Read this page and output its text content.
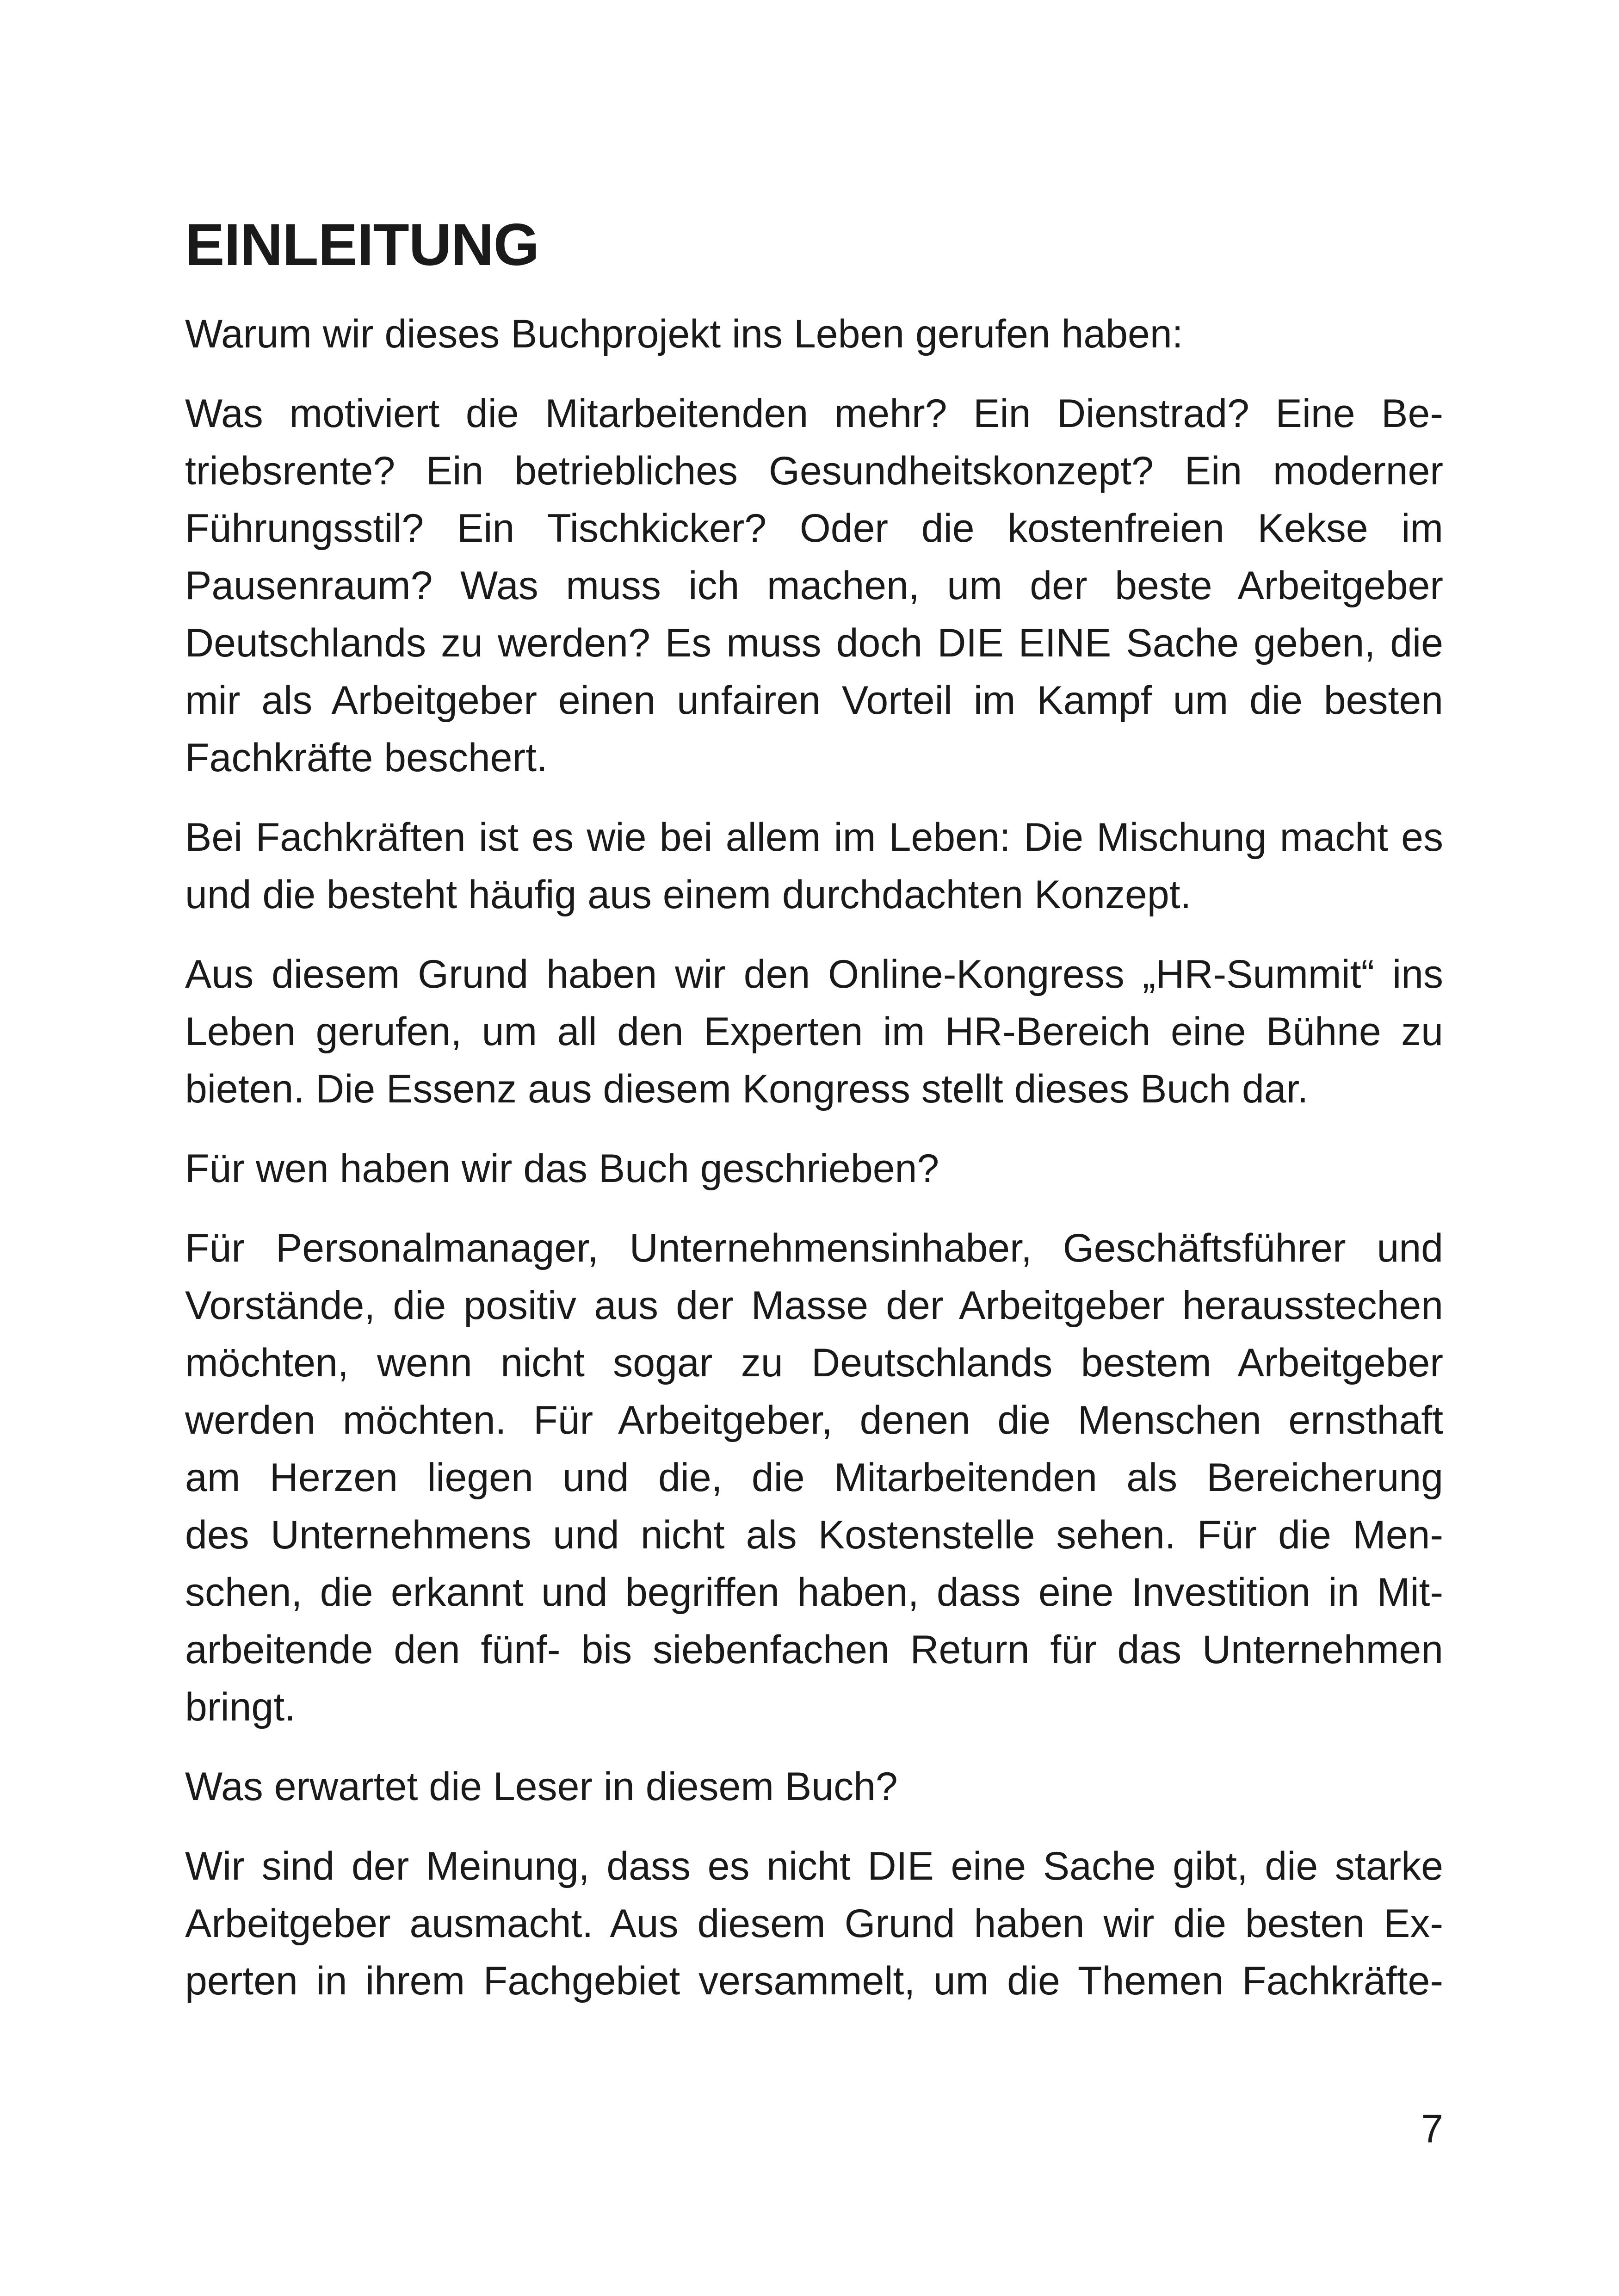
EINLEITUNG

Warum wir dieses Buchprojekt ins Leben gerufen haben:

Was motiviert die Mitarbeitenden mehr? Ein Dienstrad? Eine Be-
triebsrente? Ein betriebliches Gesundheitskonzept? Ein moderner
Führungsstil? Ein Tischkicker? Oder die kostenfreien Kekse im
Pausenraum? Was muss ich machen, um der beste Arbeitgeber
Deutschlands zu werden? Es muss doch DIE EINE Sache geben, die
mir als Arbeitgeber einen unfairen Vorteil im Kampf um die besten
Fachkräfte beschert.

Bei Fachkräften ist es wie bei allem im Leben: Die Mischung macht es
und die besteht häufig aus einem durchdachten Konzept.

Aus diesem Grund haben wir den Online-Kongress „HR-Summit“ ins
Leben gerufen, um all den Experten im HR-Bereich eine Bühne zu
bieten. Die Essenz aus diesem Kongress stellt dieses Buch dar.

Für wen haben wir das Buch geschrieben?

Für Personalmanager, Unternehmensinhaber, Geschäftsführer und
Vorstände, die positiv aus der Masse der Arbeitgeber herausstechen
möchten, wenn nicht sogar zu Deutschlands bestem Arbeitgeber
werden möchten. Für Arbeitgeber, denen die Menschen ernsthaft
am Herzen liegen und die, die Mitarbeitenden als Bereicherung
des Unternehmens und nicht als Kostenstelle sehen. Für die Men-
schen, die erkannt und begriffen haben, dass eine Investition in Mit-
arbeitende den fünf- bis siebenfachen Return für das Unternehmen
bringt.

Was erwartet die Leser in diesem Buch?

Wir sind der Meinung, dass es nicht DIE eine Sache gibt, die starke
Arbeitgeber ausmacht. Aus diesem Grund haben wir die besten Ex-
perten in ihrem Fachgebiet versammelt, um die Themen Fachkräfte-

7
